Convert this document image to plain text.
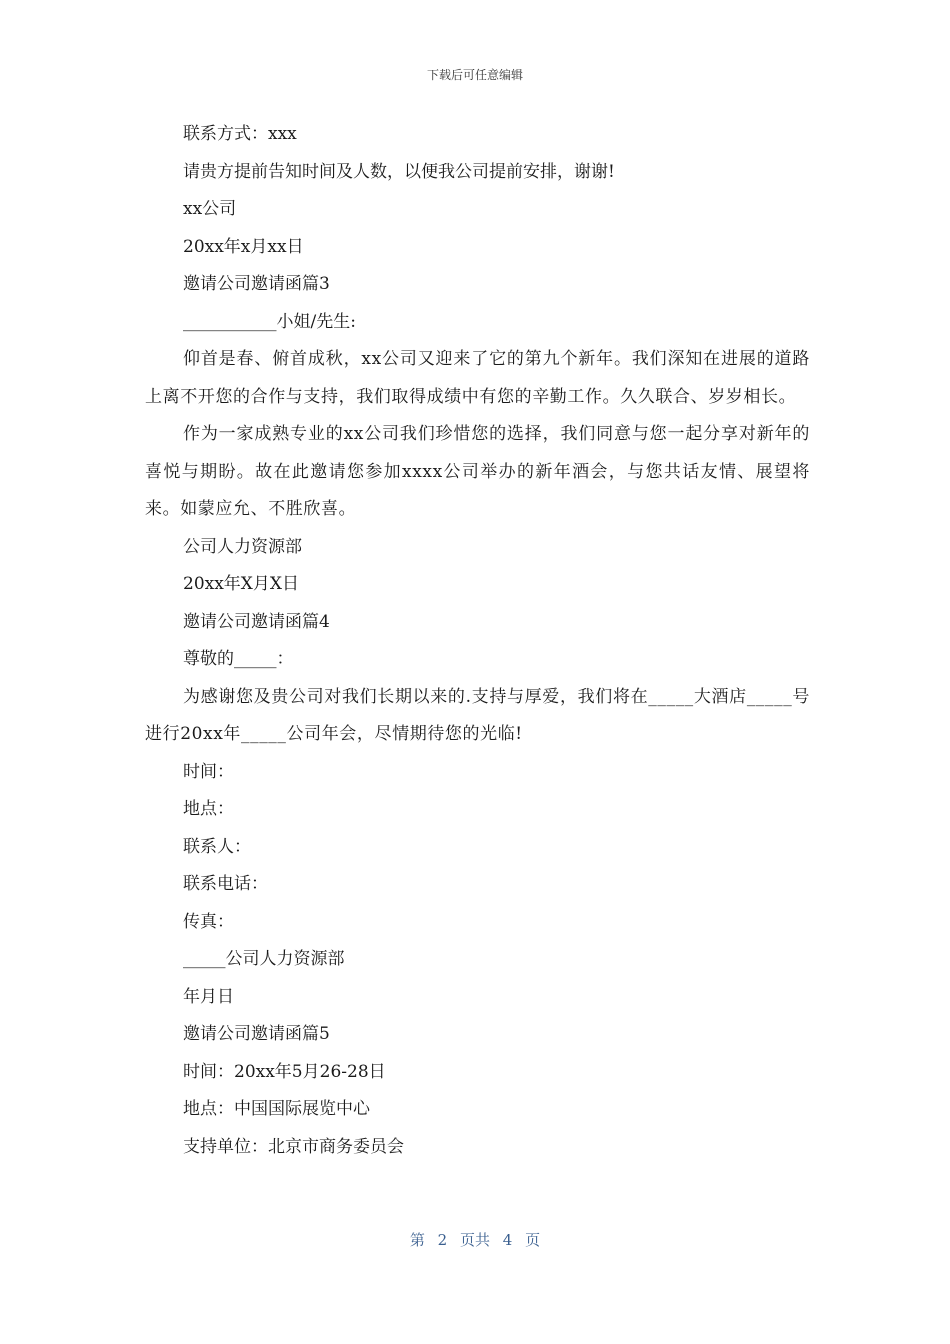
下载后可任意编辑
联系方式：xxx
请贵方提前告知时间及人数，以便我公司提前安排，谢谢!
xx公司
20xx年x月xx日
邀请公司邀请函篇3
___________小姐/先生:
仰首是春、俯首成秋，xx公司又迎来了它的第九个新年。我们深知在进展的道路上离不开您的合作与支持，我们取得成绩中有您的辛勤工作。久久联合、岁岁相长。
作为一家成熟专业的xx公司我们珍惜您的选择，我们同意与您一起分享对新年的喜悦与期盼。故在此邀请您参加xxxx公司举办的新年酒会，与您共话友情、展望将来。如蒙应允、不胜欣喜。
公司人力资源部
20xx年X月X日
邀请公司邀请函篇4
尊敬的_____：
为感谢您及贵公司对我们长期以来的.支持与厚爱，我们将在_____大酒店_____号进行20xx年_____公司年会，尽情期待您的光临!
时间：
地点：
联系人：
联系电话：
传真：
_____公司人力资源部
年月日
邀请公司邀请函篇5
时间：20xx年5月26-28日
地点：中国国际展览中心
支持单位：北京市商务委员会
第 2 页共 4 页
